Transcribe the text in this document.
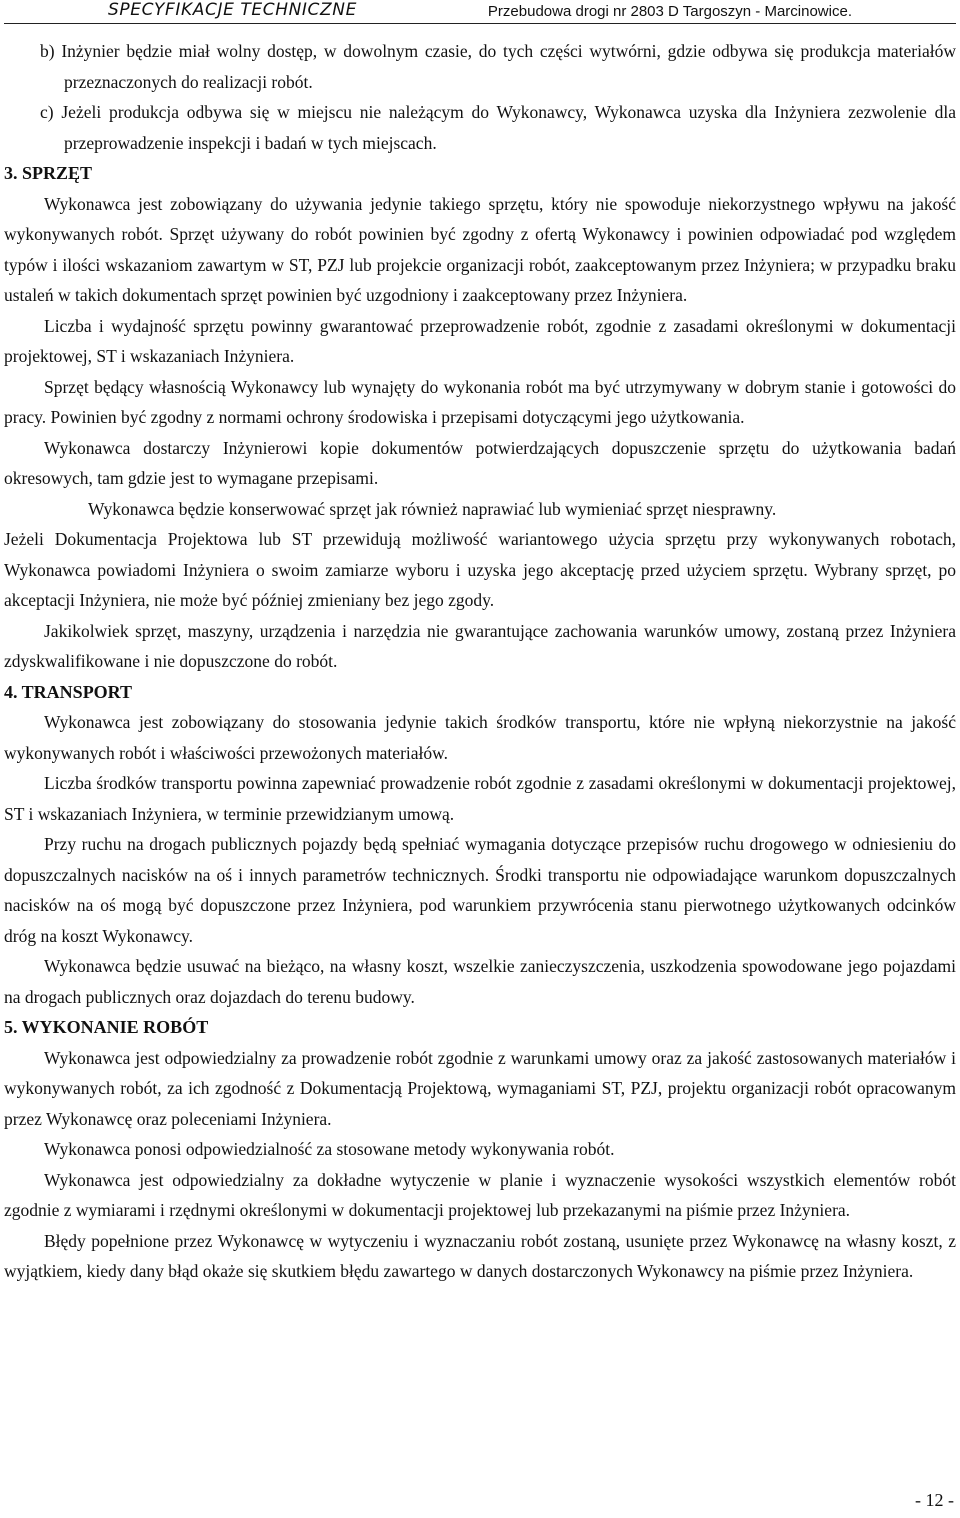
SPECYFIKACJE TECHNICZNE	Przebudowa drogi nr 2803 D Targoszyn - Marcinowice.

b) Inżynier będzie miał wolny dostęp, w dowolnym czasie, do tych części wytwórni, gdzie odbywa się produkcja materiałów przeznaczonych do realizacji robót.

c) Jeżeli produkcja odbywa się w miejscu nie należącym do Wykonawcy, Wykonawca uzyska dla Inżyniera zezwolenie dla przeprowadzenie inspekcji i badań w tych miejscach.

3. SPRZĘT

Wykonawca jest zobowiązany do używania jedynie takiego sprzętu, który nie spowoduje niekorzystnego wpływu na jakość wykonywanych robót. Sprzęt używany do robót powinien być zgodny z ofertą Wykonawcy i powinien odpowiadać pod względem typów i ilości wskazaniom zawartym w ST, PZJ lub projekcie organizacji robót, zaakceptowanym przez Inżyniera; w przypadku braku ustaleń w takich dokumentach sprzęt powinien być uzgodniony i zaakceptowany przez Inżyniera.

Liczba i wydajność sprzętu powinny gwarantować przeprowadzenie robót, zgodnie z zasadami określonymi w dokumentacji projektowej, ST i wskazaniach Inżyniera.

Sprzęt będący własnością Wykonawcy lub wynajęty do wykonania robót ma być utrzymywany w dobrym stanie i gotowości do pracy. Powinien być zgodny z normami ochrony środowiska i przepisami dotyczącymi jego użytkowania.

Wykonawca dostarczy Inżynierowi kopie dokumentów potwierdzających dopuszczenie sprzętu do użytkowania badań okresowych, tam gdzie jest to wymagane przepisami.

Wykonawca będzie konserwować sprzęt jak również naprawiać lub wymieniać sprzęt niesprawny.

Jeżeli Dokumentacja Projektowa lub ST przewidują możliwość wariantowego użycia sprzętu przy wykonywanych robotach, Wykonawca powiadomi Inżyniera o swoim zamiarze wyboru i uzyska jego akceptację przed użyciem sprzętu. Wybrany sprzęt, po akceptacji Inżyniera, nie może być później zmieniany bez jego zgody.

Jakikolwiek sprzęt, maszyny, urządzenia i narzędzia nie gwarantujące zachowania warunków umowy, zostaną przez Inżyniera zdyskwalifikowane i nie dopuszczone do robót.

4. TRANSPORT

Wykonawca jest zobowiązany do stosowania jedynie takich środków transportu, które nie wpłyną niekorzystnie na jakość wykonywanych robót i właściwości przewożonych materiałów.

Liczba środków transportu powinna zapewniać prowadzenie robót zgodnie z zasadami określonymi w dokumentacji projektowej, ST i wskazaniach Inżyniera, w terminie przewidzianym umową.

Przy ruchu na drogach publicznych pojazdy będą spełniać wymagania dotyczące przepisów ruchu drogowego w odniesieniu do dopuszczalnych nacisków na oś i innych parametrów technicznych. Środki transportu nie odpowiadające warunkom dopuszczalnych nacisków na oś mogą być dopuszczone przez Inżyniera, pod warunkiem przywrócenia stanu pierwotnego użytkowanych odcinków dróg na koszt Wykonawcy.

Wykonawca będzie usuwać na bieżąco, na własny koszt, wszelkie zanieczyszczenia, uszkodzenia spowodowane jego pojazdami na drogach publicznych oraz dojazdach do terenu budowy.

5. WYKONANIE ROBÓT

Wykonawca jest odpowiedzialny za prowadzenie robót zgodnie z warunkami umowy oraz za jakość zastosowanych materiałów i wykonywanych robót, za ich zgodność z Dokumentacją Projektową, wymaganiami ST, PZJ, projektu organizacji robót opracowanym przez Wykonawcę oraz poleceniami Inżyniera.

Wykonawca ponosi odpowiedzialność za stosowane metody wykonywania robót.

Wykonawca jest odpowiedzialny za dokładne wytyczenie w planie i wyznaczenie wysokości wszystkich elementów robót zgodnie z wymiarami i rzędnymi określonymi w dokumentacji projektowej lub przekazanymi na piśmie przez Inżyniera.

Błędy popełnione przez Wykonawcę w wytyczeniu i wyznaczaniu robót zostaną, usunięte przez Wykonawcę na własny koszt, z wyjątkiem, kiedy dany błąd okaże się skutkiem błędu zawartego w danych dostarczonych Wykonawcy na piśmie przez Inżyniera.

- 12 -
